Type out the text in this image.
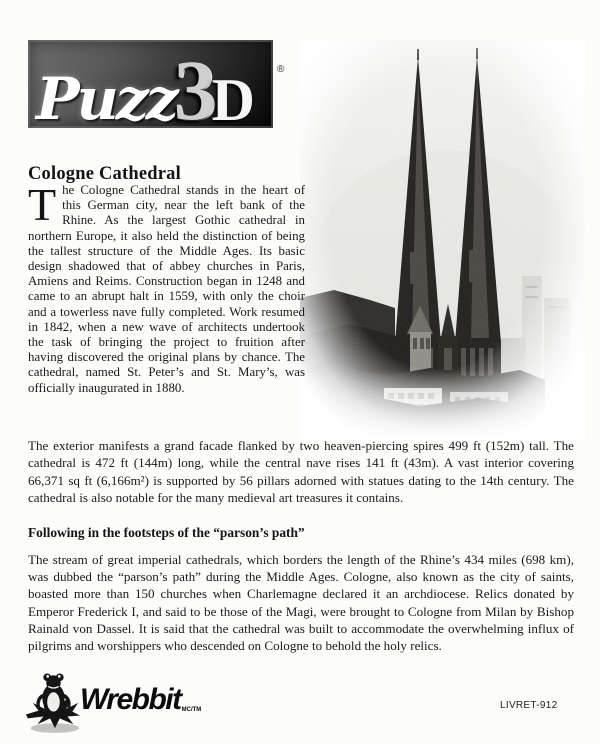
Puzz
3
D ®
Cologne Cathedral
The Cologne Cathedral stands in the heart of this German city, near the left bank of the Rhine. As the largest Gothic cathedral in northern Europe, it also held the distinction of being the tallest structure of the Middle Ages. Its basic design shadowed that of abbey churches in Paris, Amiens and Reims. Construction began in 1248 and came to an abrupt halt in 1559, with only the choir and a towerless nave fully completed. Work resumed in 1842, when a new wave of architects undertook the task of bringing the project to fruition after having discovered the original plans by chance. The cathedral, named St. Peter’s and St. Mary’s, was officially inaugurated in 1880.

The exterior manifests a grand facade flanked by two heaven-piercing spires 499 ft (152m) tall. The cathedral is 472 ft (144m) long, while the central nave rises 141 ft (43m). A vast interior covering 66,371 sq ft (6,166m²) is supported by 56 pillars adorned with statues dating to the 14th century. The cathedral is also notable for the many medieval art treasures it contains.

Following in the footsteps of the “parson’s path”

The stream of great imperial cathedrals, which borders the length of the Rhine’s 434 miles (698 km), was dubbed the “parson’s path” during the Middle Ages. Cologne, also known as the city of saints, boasted more than 150 churches when Charlemagne declared it an archdiocese. Relics donated by Emperor Frederick I, and said to be those of the Magi, were brought to Cologne from Milan by Bishop Rainald von Dassel. It is said that the cathedral was built to accommodate the overwhelming influx of pilgrims and worshippers who descended on Cologne to behold the holy relics.

WrebbitMC/TM	LIVRET-912
